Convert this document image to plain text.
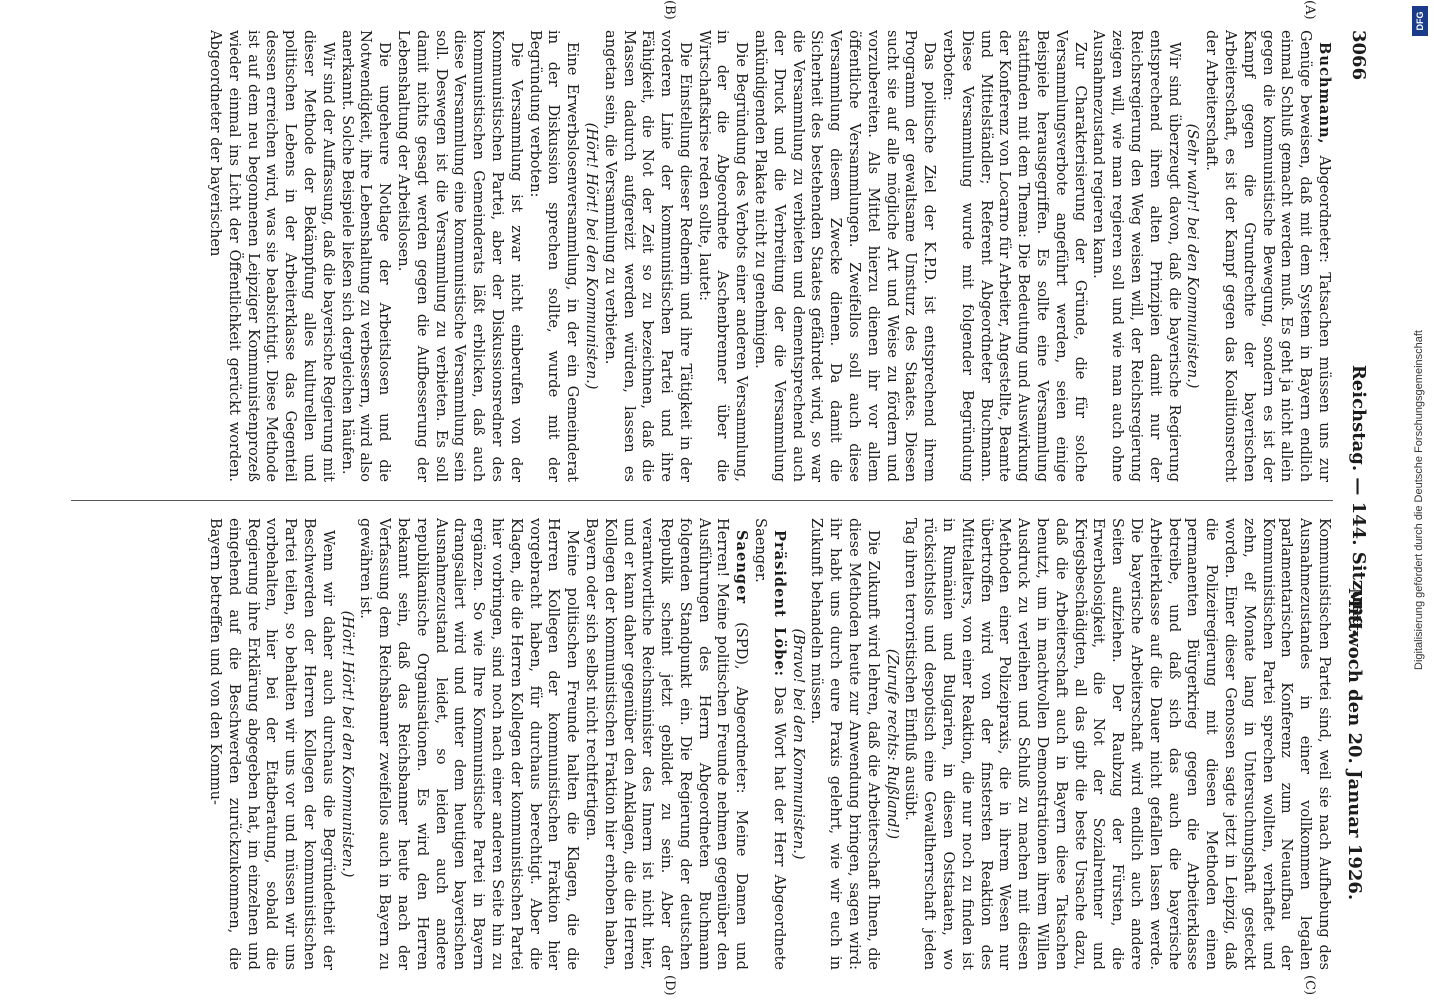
3066
Reichstag. — 144. Sitzung.
Mittwoch den 20. Januar 1926.
(A)
(B)
(C)
(D)

Buchmann, Abgeordneter: Tatsachen müssen uns zur Genüge beweisen, daß mit dem System in Bayern endlich einmal Schluß gemacht werden muß. Es geht ja nicht allein gegen die kommunistische Bewegung, sondern es ist der Kampf gegen die Grundrechte der bayerischen Arbeiterschaft, es ist der Kampf gegen das Koalitionsrecht der Arbeiterschaft.

(Sehr wahr! bei den Kommunisten.)

Wir sind überzeugt davon, daß die bayerische Regierung entsprechend ihren alten Prinzipien damit nur der Reichsregierung den Weg weisen will, der Reichsregierung zeigen will, wie man regieren soll und wie man auch ohne Ausnahmezustand regieren kann.

Zur Charakterisierung der Gründe, die für solche Versammlungsverbote angeführt werden, seien einige Beispiele herausgegriffen. Es sollte eine Versammlung stattfinden mit dem Thema: Die Bedeutung und Auswirkung der Konferenz von Locarno für Arbeiter, Angestellte, Beamte und Mittelständler; Referent Abgeordneter Buchmann. Diese Versammlung wurde mit folgender Begründung verboten:

Das politische Ziel der K.P.D. ist entsprechend ihrem Programm der gewaltsame Umsturz des Staates. Diesen sucht sie auf alle mögliche Art und Weise zu fördern und vorzubereiten. Als Mittel hierzu dienen ihr vor allem öffentliche Versammlungen. Zweifellos soll auch diese Versammlung diesem Zwecke dienen. Da damit die Sicherheit des bestehenden Staates gefährdet wird, so war die Versammlung zu verbieten und dementsprechend auch der Druck und die Verbreitung der die Versammlung ankündigenden Plakate nicht zu genehmigen.

Die Begründung des Verbots einer anderen Versammlung, in der die Abgeordnete Aschenbrenner über die Wirtschaftskrise reden sollte, lautet:

Die Einstellung dieser Rednerin und ihre Tätigkeit in der vorderen Linie der kommunistischen Partei und ihre Fähigkeit, die Not der Zeit so zu bezeichnen, daß die Massen dadurch aufgereizt werden würden, lassen es angetan sein, die Versammlung zu verbieten.

(Hört! Hört! bei den Kommunisten.)

Eine Erwerbslosenversammlung, in der ein Gemeinderat in der Diskussion sprechen sollte, wurde mit der Begründung verboten:

Die Versammlung ist zwar nicht einberufen von der Kommunistischen Partei, aber der Diskussionsredner des kommunistischen Gemeinderats läßt erblicken, daß auch diese Versammlung eine kommunistische Versammlung sein soll. Deswegen ist die Versammlung zu verbieten. Es soll damit nichts gesagt werden gegen die Aufbesserung der Lebenshaltung der Arbeitslosen.

Die ungeheure Notlage der Arbeitslosen und die Notwendigkeit, ihre Lebenshaltung zu verbessern, wird also anerkannt. Solche Beispiele ließen sich dergleichen häufen.

Wir sind der Auffassung, daß die bayerische Regierung mit dieser Methode der Bekämpfung alles kulturellen und politischen Lebens in der Arbeiterklasse das Gegenteil dessen erreichen wird, was sie beabsichtigt. Diese Methode ist auf dem neu begonnenen Leipziger Kommunistenprozeß wieder einmal ins Licht der Öffentlichkeit gerückt worden. Abgeordneter der bayerischen

Kommunistischen Partei sind, weil sie nach Aufhebung des Ausnahmezustandes in einer vollkommen legalen parlamentarischen Konferenz zum Neuaufbau der Kommunistischen Partei sprechen wollten, verhaftet und zehn, elf Monate lang in Untersuchungshaft gesteckt worden. Einer dieser Genossen sagte jetzt in Leipzig, daß die Polizeiregierung mit diesen Methoden einen permanenten Bürgerkrieg gegen die Arbeiterklasse betreibe, und daß sich das auch die bayerische Arbeiterklasse auf die Dauer nicht gefallen lassen werde. Die bayerische Arbeiterschaft wird endlich auch andere Seiten aufziehen. Der Raubzug der Fürsten, die Erwerbslosigkeit, die Not der Sozialrentner und Kriegsbeschädigten, all das gibt die beste Ursache dazu, daß die Arbeiterschaft auch in Bayern diese Tatsachen benutzt, um in machtvollen Demonstrationen ihrem Willen Ausdruck zu verleihen und Schluß zu machen mit diesen Methoden einer Polizeipraxis, die in ihrem Wesen nur übertroffen wird von der finstersten Reaktion des Mittelalters, von einer Reaktion, die nur noch zu finden ist in Rumänien und Bulgarien, in diesen Oststaaten, wo rücksichtslos und despotisch eine Gewaltherrschaft jeden Tag ihren terroristischen Einfluß ausübt.

(Zurufe rechts: Rußland!)

Die Zukunft wird lehren, daß die Arbeiterschaft Ihnen, die diese Methoden heute zur Anwendung bringen, sagen wird: ihr habt uns durch eure Praxis gelehrt, wie wir euch in Zukunft behandeln müssen.

(Bravo! bei den Kommunisten.)

Präsident Löbe: Das Wort hat der Herr Abgeordnete Saenger.

Saenger (SPD), Abgeordneter: Meine Damen und Herren! Meine politischen Freunde nehmen gegenüber den Ausführungen des Herrn Abgeordneten Buchmann folgenden Standpunkt ein. Die Regierung der deutschen Republik scheint jetzt gebildet zu sein. Aber der verantwortliche Reichsminister des Innern ist nicht hier, und er kann daher gegenüber den Anklagen, die die Herren Kollegen der kommunistischen Fraktion hier erhoben haben, Bayern oder sich selbst nicht rechtfertigen.

Meine politischen Freunde halten die Klagen, die die Herren Kollegen der kommunistischen Fraktion hier vorgebracht haben, für durchaus berechtigt. Aber die Klagen, die die Herren Kollegen der kommunistischen Partei hier vorbringen, sind noch nach einer anderen Seite hin zu ergänzen. So wie Ihre Kommunistische Partei in Bayern drangsaliert wird und unter dem heutigen bayerischen Ausnahmezustand leidet, so leiden auch andere republikanische Organisationen. Es wird den Herren bekannt sein, daß das Reichsbanner heute nach der Verfassung dem Reichsbanner zweifellos auch in Bayern zu gewähren ist.

(Hört! Hört! bei den Kommunisten.)

Wenn wir daher auch durchaus die Begründetheit der Beschwerden der Herren Kollegen der kommunistischen Partei teilen, so behalten wir uns vor und müssen wir uns vorbehalten, hier bei der Etatberatung, sobald die Regierung ihre Erklärung abgegeben hat, im einzelnen und eingehend auf die Beschwerden zurückzukommen, die Bayern betreffen und von den Kommu-

DFG
Digitalisierung gefördert durch die Deutsche Forschungsgemeinschaft
